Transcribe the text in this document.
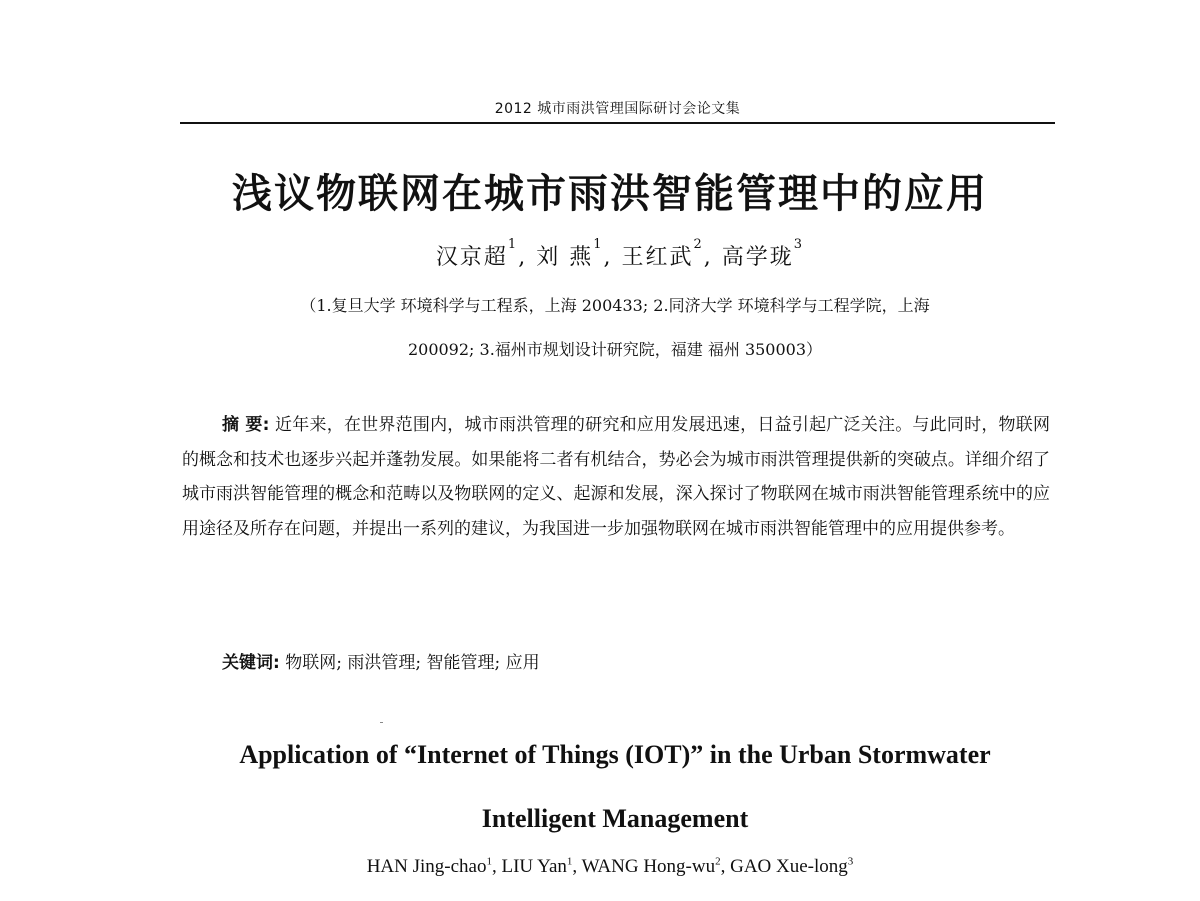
2012 城市雨洪管理国际研讨会论文集
浅议物联网在城市雨洪智能管理中的应用
汉京超$^1$, 刘 燕$^1$, 王红武$^2$, 高学珑$^3$
（1.复旦大学 环境科学与工程系，上海 200433; 2.同济大学 环境科学与工程学院，上海
200092; 3.福州市规划设计研究院，福建 福州 350003）
摘 要: 近年来，在世界范围内，城市雨洪管理的研究和应用发展迅速，日益引起广泛关注。与此同时，物联网的概念和技术也逐步兴起并蓬勃发展。如果能将二者有机结合，势必会为城市雨洪管理提供新的突破点。详细介绍了城市雨洪智能管理的概念和范畴以及物联网的定义、起源和发展，深入探讨了物联网在城市雨洪智能管理系统中的应用途径及所存在问题，并提出一系列的建议，为我国进一步加强物联网在城市雨洪智能管理中的应用提供参考。
关键词: 物联网; 雨洪管理; 智能管理; 应用
Application of “Internet of Things (IOT)” in the Urban Stormwater
Intelligent Management
HAN Jing-chao$^1$, LIU Yan$^1$, WANG Hong-$wu^2$, GAO Xue-long$^3$
